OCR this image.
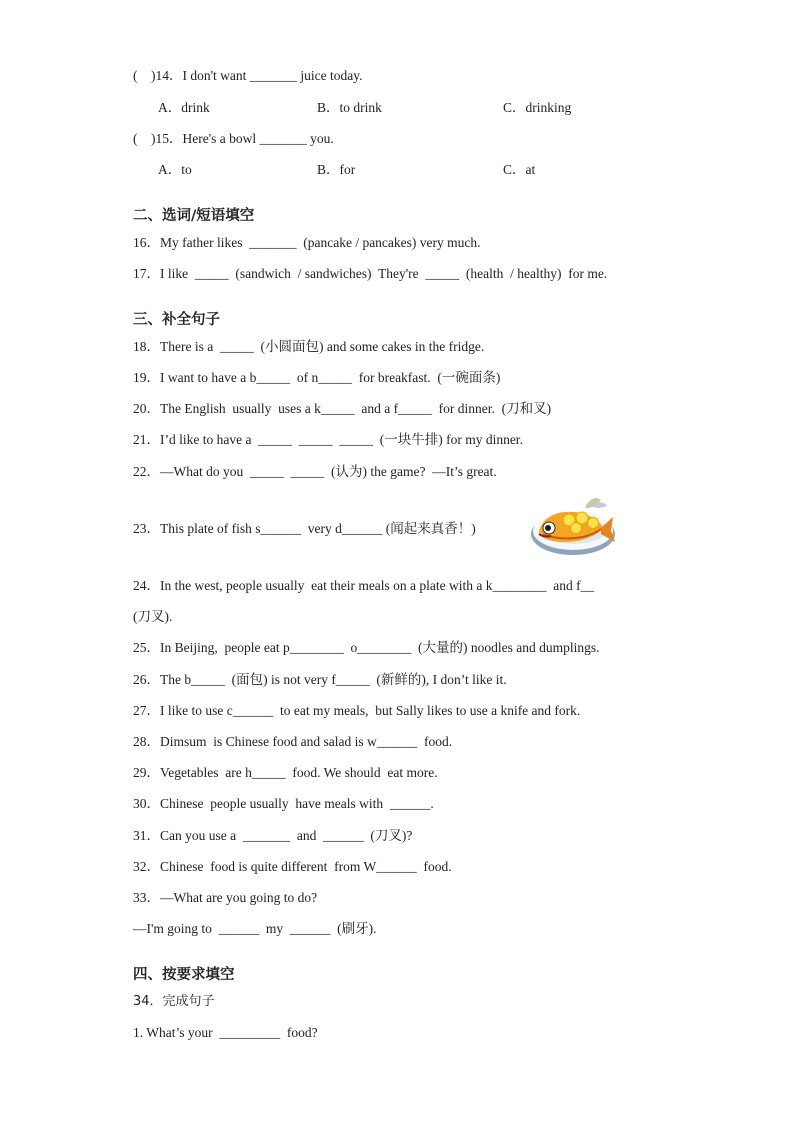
(    )14．I don't want _______ juice today.
A．drink	B．to drink	C．drinking
(    )15．Here's a bowl _______ you.
A．to	B．for	C．at
二、选词/短语填空
16．My father likes  _______  (pancake / pancakes) very much.
17．I like  _____  (sandwich  / sandwiches)  They're  _____  (health  / healthy)  for me.
三、补全句子
18．There is a  _____  (小圆面包) and some cakes in the fridge.
19．I want to have a b_____  of n_____  for breakfast.  (一碗面条)
20．The English  usually  uses a k_____  and a f_____  for dinner.  (刀和叉)
21．I’d like to have a  _____  _____  _____  (一块牛排) for my dinner.
22．—What do you  _____  _____  (认为) the game?  —It’s great.
23．This plate of fish s______  very d______ (闻起来真香！)
24．In the west, people usually  eat their meals on a plate with a k________  and f__
(刀叉).
25．In Beijing,  people eat p________  o________  (大量的) noodles and dumplings.
26．The b_____  (面包) is not very f_____  (新鲜的), I don’t like it.
27．I like to use c______  to eat my meals,  but Sally likes to use a knife and fork.
28．Dimsum  is Chinese food and salad is w______  food.
29．Vegetables  are h_____  food. We should  eat more.
30．Chinese  people usually  have meals with  ______.
31．Can you use a  _______  and  ______  (刀叉)?
32．Chinese  food is quite different  from W______  food.
33．—What are you going to do?
—I'm going to  ______  my  ______  (刷牙).
四、按要求填空
34．完成句子
1. What’s your  _________  food?
